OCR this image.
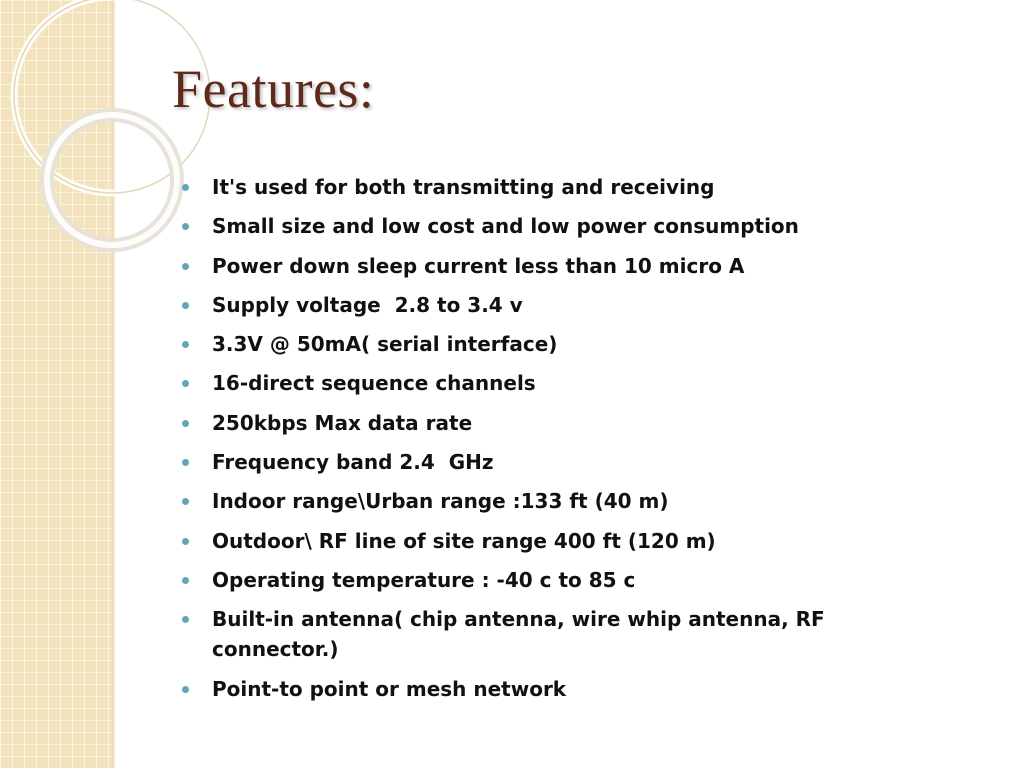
Features:
It's used for both transmitting and receiving
Small size and low cost and low power consumption
Power down sleep current less than 10 micro A
Supply voltage  2.8 to 3.4 v
3.3V @ 50mA( serial interface)
16-direct sequence channels
250kbps Max data rate
Frequency band 2.4  GHz
Indoor range\Urban range :133 ft (40 m)
Outdoor\ RF line of site range 400 ft (120 m)
Operating temperature : -40 c to 85 c
Built-in antenna( chip antenna, wire whip antenna, RF connector.)
Point-to point or mesh network
